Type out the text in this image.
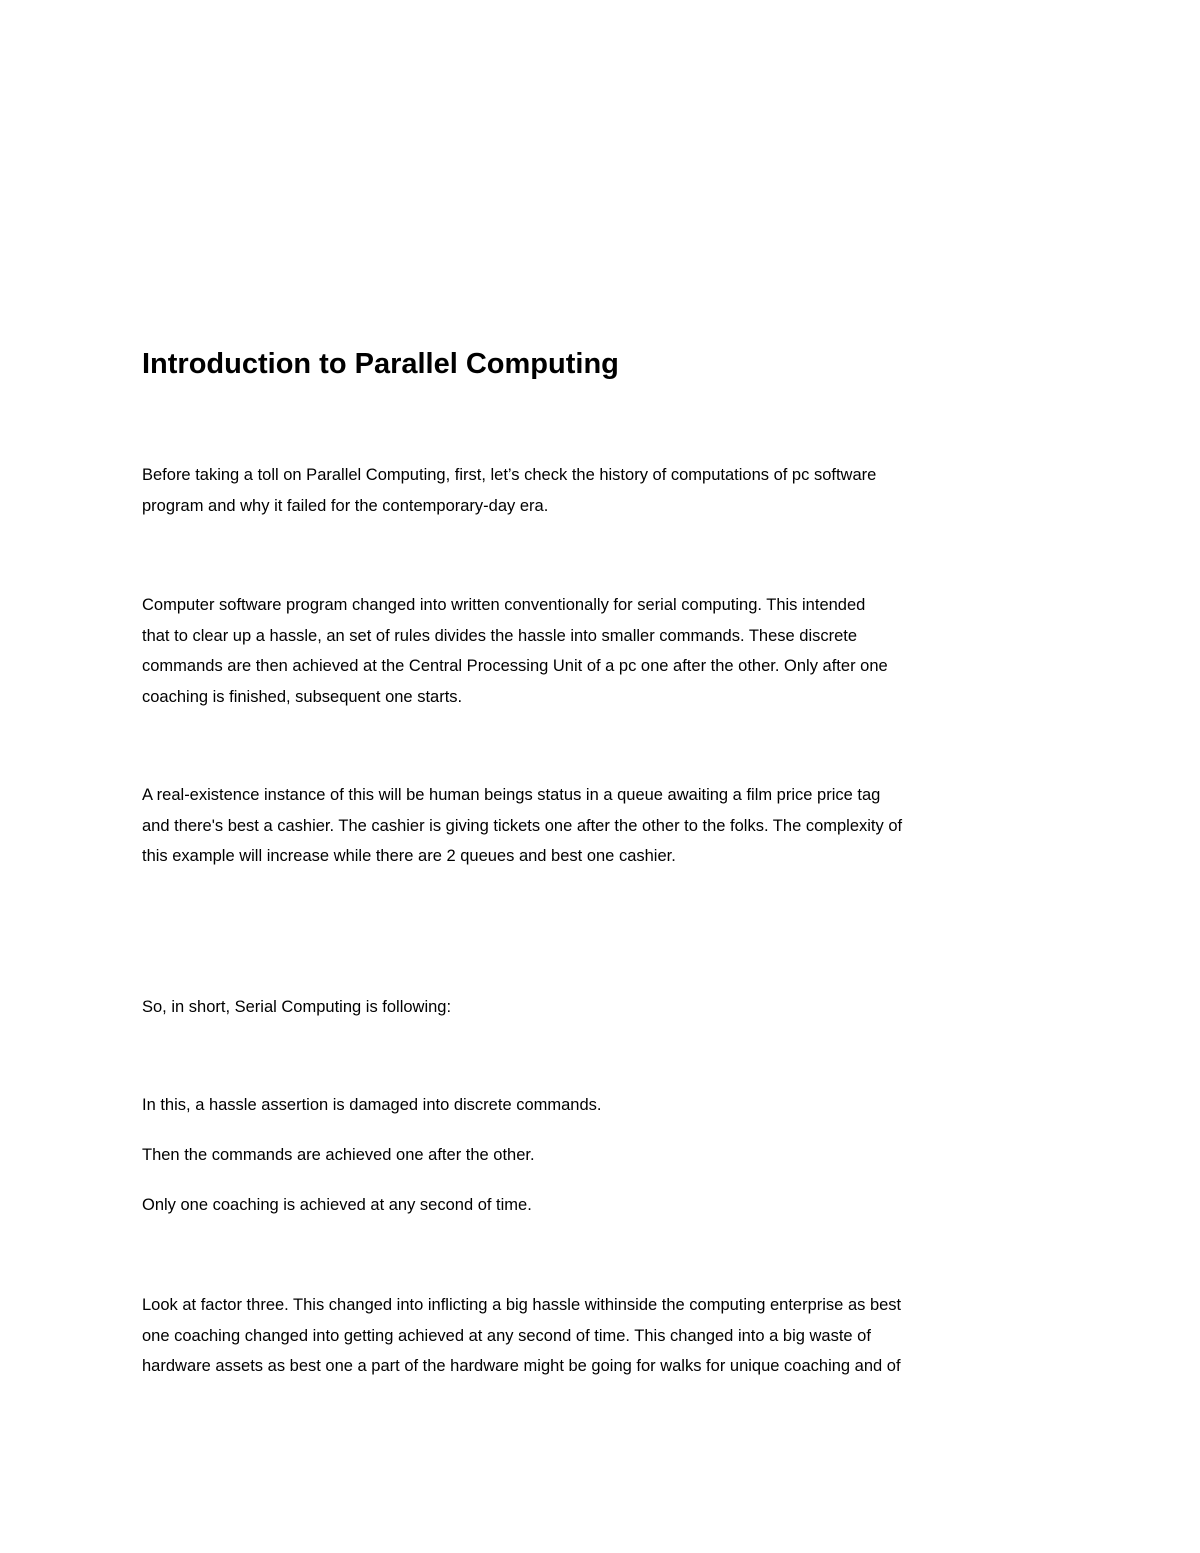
Introduction to Parallel Computing

Before taking a toll on Parallel Computing, first, let’s check the history of computations of pc software
program and why it failed for the contemporary-day era.

Computer software program changed into written conventionally for serial computing. This intended
that to clear up a hassle, an set of rules divides the hassle into smaller commands. These discrete
commands are then achieved at the Central Processing Unit of a pc one after the other. Only after one
coaching is finished, subsequent one starts.

A real-existence instance of this will be human beings status in a queue awaiting a film price price tag
and there's best a cashier. The cashier is giving tickets one after the other to the folks. The complexity of
this example will increase while there are 2 queues and best one cashier.

So, in short, Serial Computing is following:

In this, a hassle assertion is damaged into discrete commands.

Then the commands are achieved one after the other.

Only one coaching is achieved at any second of time.

Look at factor three. This changed into inflicting a big hassle withinside the computing enterprise as best
one coaching changed into getting achieved at any second of time. This changed into a big waste of
hardware assets as best one a part of the hardware might be going for walks for unique coaching and of
